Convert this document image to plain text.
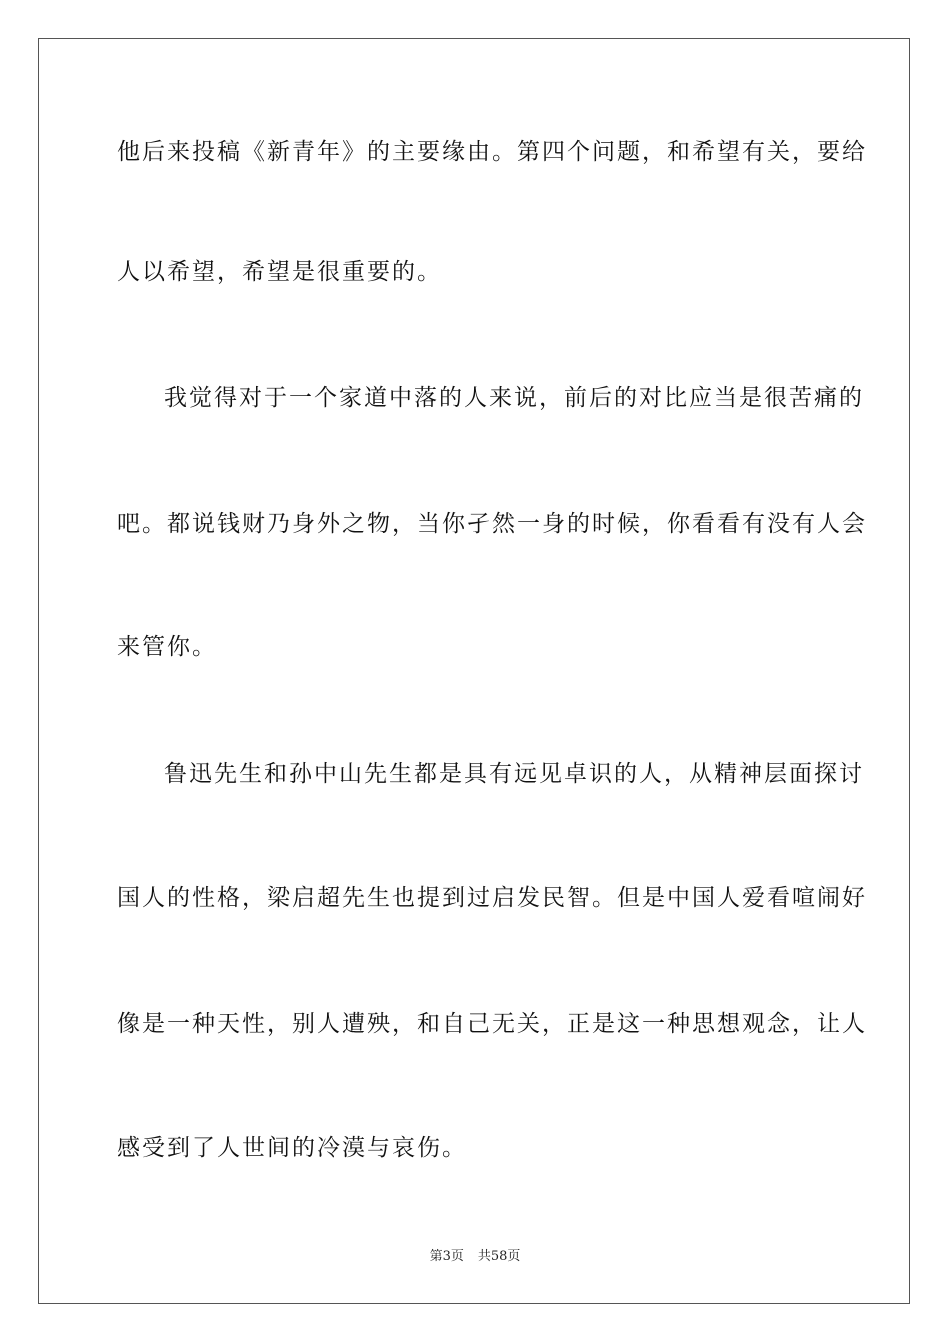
他后来投稿《新青年》的主要缘由。第四个问题，和希望有关，要给
人以希望，希望是很重要的。
我觉得对于一个家道中落的人来说，前后的对比应当是很苦痛的
吧。都说钱财乃身外之物，当你孑然一身的时候，你看看有没有人会
来管你。
鲁迅先生和孙中山先生都是具有远见卓识的人，从精神层面探讨
国人的性格，梁启超先生也提到过启发民智。但是中国人爱看喧闹好
像是一种天性，别人遭殃，和自己无关，正是这一种思想观念，让人
感受到了人世间的冷漠与哀伤。
第3页 共58页
